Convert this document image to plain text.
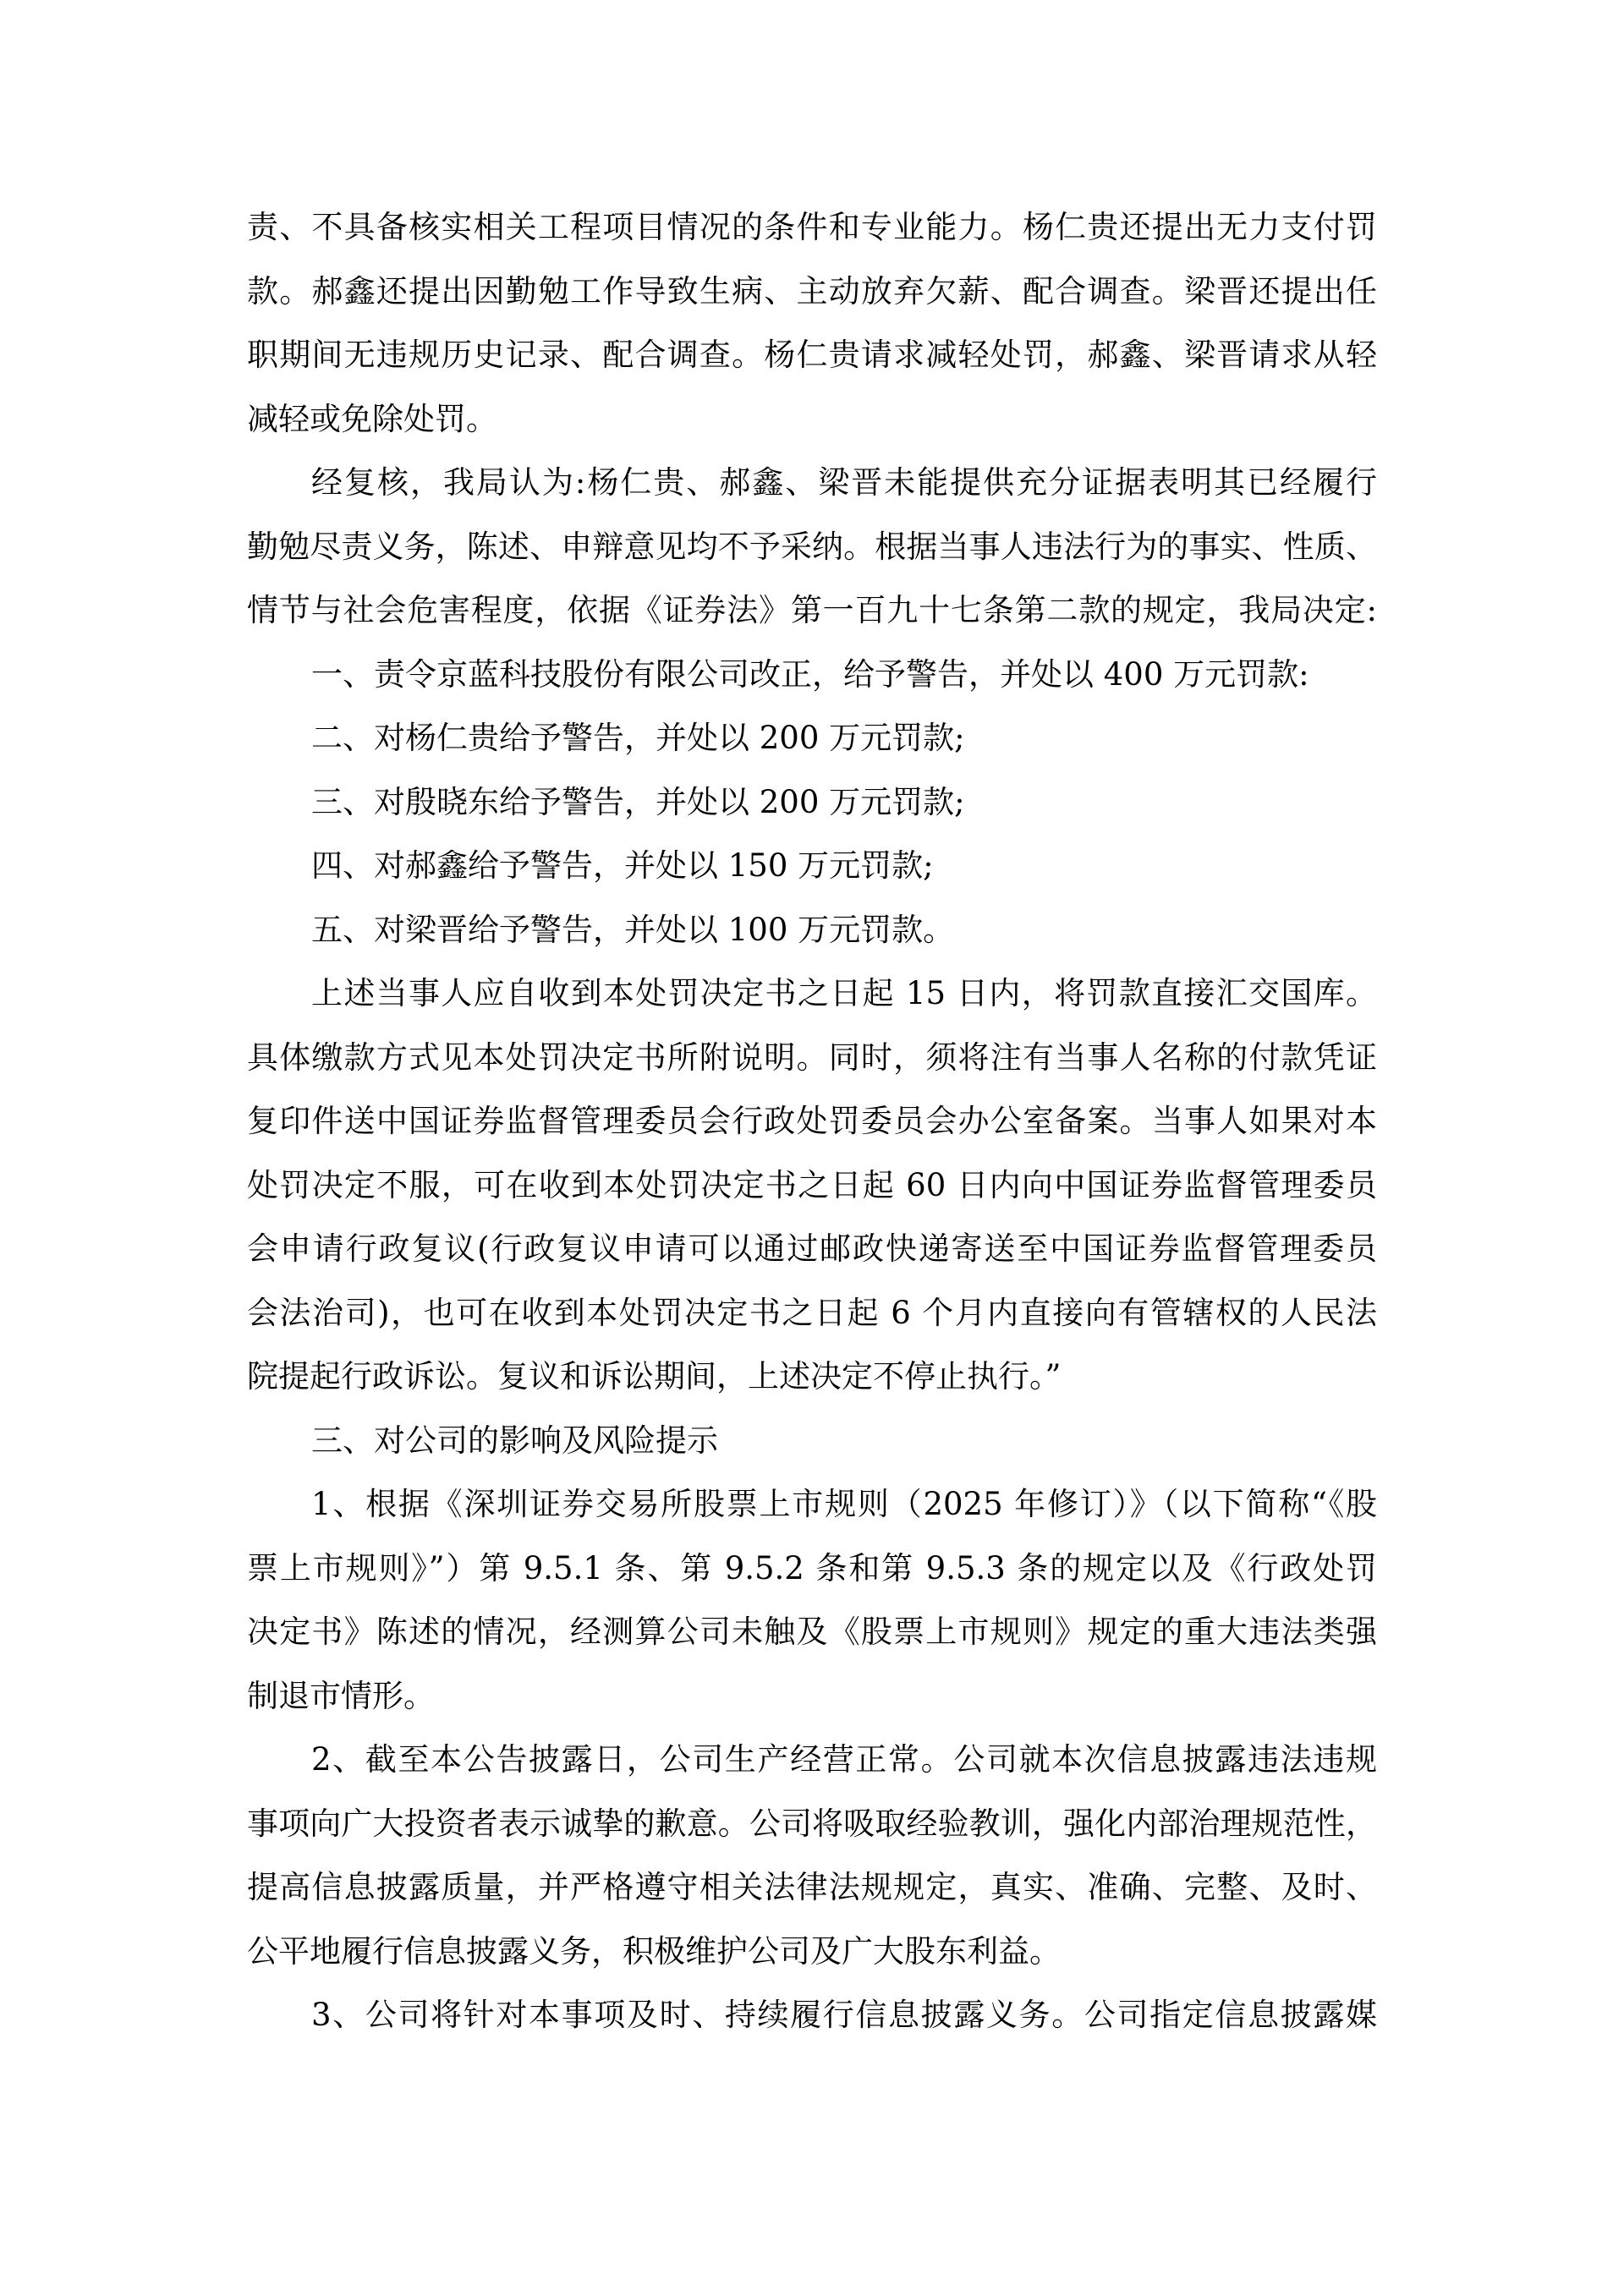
责、不具备核实相关工程项目情况的条件和专业能力。杨仁贵还提出无力支付罚
款。郝鑫还提出因勤勉工作导致生病、主动放弃欠薪、配合调查。梁晋还提出任
职期间无违规历史记录、配合调查。杨仁贵请求减轻处罚，郝鑫、梁晋请求从轻
减轻或免除处罚。
经复核，我局认为:杨仁贵、郝鑫、梁晋未能提供充分证据表明其已经履行
勤勉尽责义务，陈述、申辩意见均不予采纳。根据当事人违法行为的事实、性质、
情节与社会危害程度，依据《证券法》第一百九十七条第二款的规定，我局决定:
一、责令京蓝科技股份有限公司改正，给予警告，并处以 400 万元罚款:
二、对杨仁贵给予警告，并处以 200 万元罚款;
三、对殷晓东给予警告，并处以 200 万元罚款;
四、对郝鑫给予警告，并处以 150 万元罚款;
五、对梁晋给予警告，并处以 100 万元罚款。
上述当事人应自收到本处罚决定书之日起 15 日内，将罚款直接汇交国库。
具体缴款方式见本处罚决定书所附说明。同时，须将注有当事人名称的付款凭证
复印件送中国证券监督管理委员会行政处罚委员会办公室备案。当事人如果对本
处罚决定不服，可在收到本处罚决定书之日起 60 日内向中国证券监督管理委员
会申请行政复议(行政复议申请可以通过邮政快递寄送至中国证券监督管理委员
会法治司)，也可在收到本处罚决定书之日起 6 个月内直接向有管辖权的人民法
院提起行政诉讼。复议和诉讼期间，上述决定不停止执行。”
三、对公司的影响及风险提示
1、根据《深圳证券交易所股票上市规则（2025 年修订）》（以下简称“《股
票上市规则》”）第 9.5.1 条、第 9.5.2 条和第 9.5.3 条的规定以及《行政处罚
决定书》陈述的情况，经测算公司未触及《股票上市规则》规定的重大违法类强
制退市情形。
2、截至本公告披露日，公司生产经营正常。公司就本次信息披露违法违规
事项向广大投资者表示诚挚的歉意。公司将吸取经验教训，强化内部治理规范性，
提高信息披露质量，并严格遵守相关法律法规规定，真实、准确、完整、及时、
公平地履行信息披露义务，积极维护公司及广大股东利益。
3、公司将针对本事项及时、持续履行信息披露义务。公司指定信息披露媒
